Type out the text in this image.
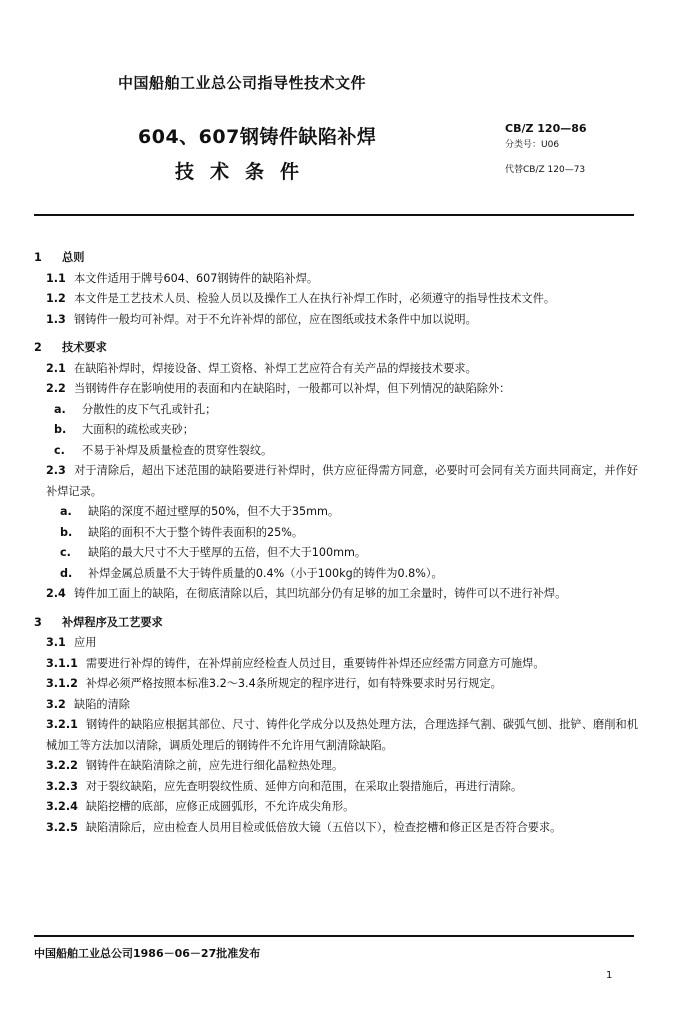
中国船舶工业总公司指导性技术文件
604、607钢铸件缺陷补焊
技术条件
CB/Z 120—86
分类号：U06
代替CB/Z 120—73
1 总则
1.1 本文件适用于牌号604、607钢铸件的缺陷补焊。
1.2 本文件是工艺技术人员、检验人员以及操作工人在执行补焊工作时，必须遵守的指导性技术文件。
1.3 钢铸件一般均可补焊。对于不允许补焊的部位，应在图纸或技术条件中加以说明。
2 技术要求
2.1 在缺陷补焊时，焊接设备、焊工资格、补焊工艺应符合有关产品的焊接技术要求。
2.2 当钢铸件存在影响使用的表面和内在缺陷时，一般都可以补焊，但下列情况的缺陷除外：
a. 分散性的皮下气孔或针孔；
b. 大面积的疏松或夹砂；
c. 不易于补焊及质量检查的贯穿性裂纹。
2.3 对于清除后，超出下述范围的缺陷要进行补焊时，供方应征得需方同意，必要时可会同有关方面共同商定，并作好补焊记录。
a. 缺陷的深度不超过壁厚的50%，但不大于35mm。
b. 缺陷的面积不大于整个铸件表面积的25%。
c. 缺陷的最大尺寸不大于壁厚的五倍，但不大于100mm。
d. 补焊金属总质量不大于铸件质量的0.4%（小于100kg的铸件为0.8%）。
2.4 铸件加工面上的缺陷，在彻底清除以后，其凹坑部分仍有足够的加工余量时，铸件可以不进行补焊。
3 补焊程序及工艺要求
3.1 应用
3.1.1 需要进行补焊的铸件，在补焊前应经检查人员过目，重要铸件补焊还应经需方同意方可施焊。
3.1.2 补焊必须严格按照本标准3.2～3.4条所规定的程序进行，如有特殊要求时另行规定。
3.2 缺陷的清除
3.2.1 钢铸件的缺陷应根据其部位、尺寸、铸件化学成分以及热处理方法，合理选择气割、碳弧气刨、批铲、磨削和机械加工等方法加以清除，调质处理后的钢铸件不允许用气割清除缺陷。
3.2.2 钢铸件在缺陷清除之前，应先进行细化晶粒热处理。
3.2.3 对于裂纹缺陷，应先查明裂纹性质、延伸方向和范围，在采取止裂措施后，再进行清除。
3.2.4 缺陷挖槽的底部，应修正成圆弧形，不允许成尖角形。
3.2.5 缺陷清除后，应由检查人员用目检或低倍放大镜（五倍以下），检查挖槽和修正区是否符合要求。
中国船舶工业总公司1986－06－27批准发布
1
